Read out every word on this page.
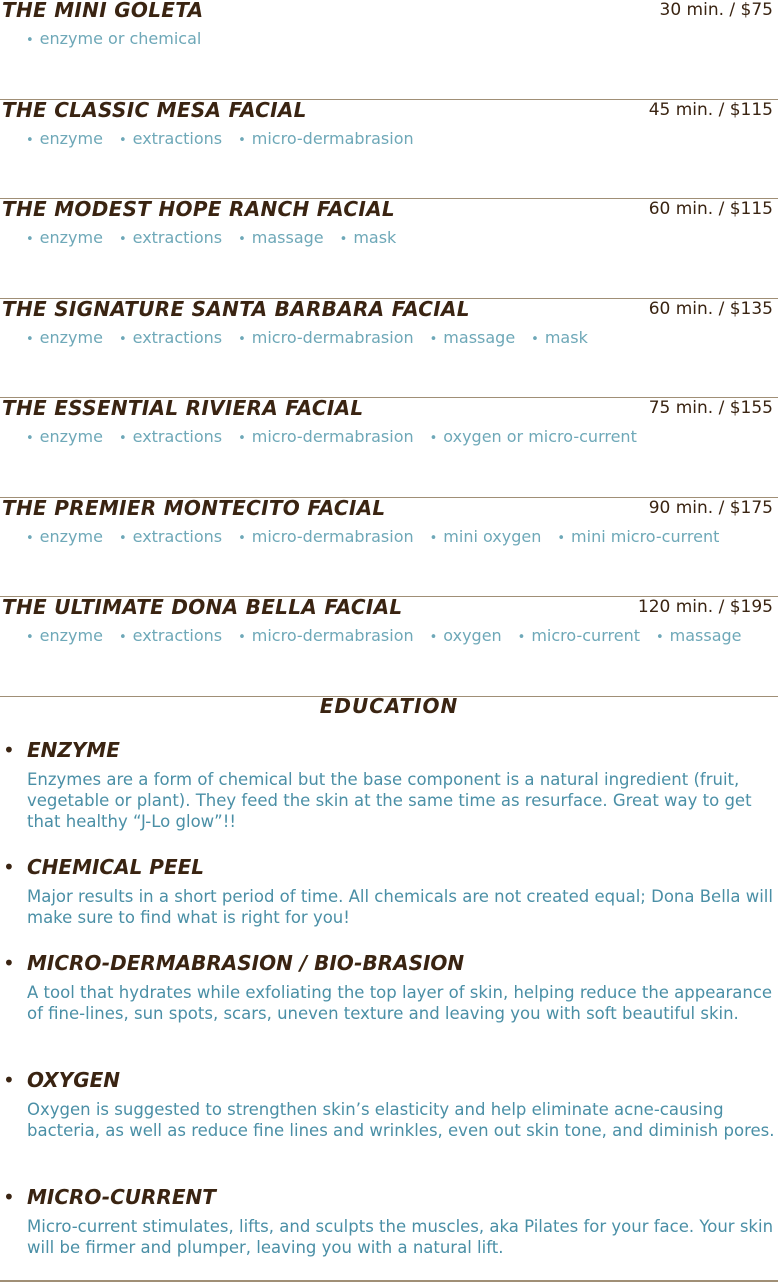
THE MINI GOLETA	30 min. / $75
• enzyme or chemical
THE CLASSIC MESA FACIAL	45 min. / $115
• enzyme • extractions • micro-dermabrasion
THE MODEST HOPE RANCH FACIAL	60 min. / $115
• enzyme • extractions • massage • mask
THE SIGNATURE SANTA BARBARA FACIAL	60 min. / $135
• enzyme • extractions • micro-dermabrasion • massage • mask
THE ESSENTIAL RIVIERA FACIAL	75 min. / $155
• enzyme • extractions • micro-dermabrasion • oxygen or micro-current
THE PREMIER MONTECITO FACIAL	90 min. / $175
• enzyme • extractions • micro-dermabrasion • mini oxygen • mini micro-current
THE ULTIMATE DONA BELLA FACIAL	120 min. / $195
• enzyme • extractions • micro-dermabrasion • oxygen • micro-current • massage
EDUCATION
• ENZYME
Enzymes are a form of chemical but the base component is a natural ingredient (fruit, vegetable or plant). They feed the skin at the same time as resurface. Great way to get that healthy “J-Lo glow”!!
• CHEMICAL PEEL
Major results in a short period of time. All chemicals are not created equal; Dona Bella will make sure to find what is right for you!
• MICRO-DERMABRASION / BIO-BRASION
A tool that hydrates while exfoliating the top layer of skin, helping reduce the appearance of fine-lines, sun spots, scars, uneven texture and leaving you with soft beautiful skin.
• OXYGEN
Oxygen is suggested to strengthen skin’s elasticity and help eliminate acne-causing bacteria, as well as reduce fine lines and wrinkles, even out skin tone, and diminish pores.
• MICRO-CURRENT
Micro-current stimulates, lifts, and sculpts the muscles, aka Pilates for your face. Your skin will be firmer and plumper, leaving you with a natural lift.
